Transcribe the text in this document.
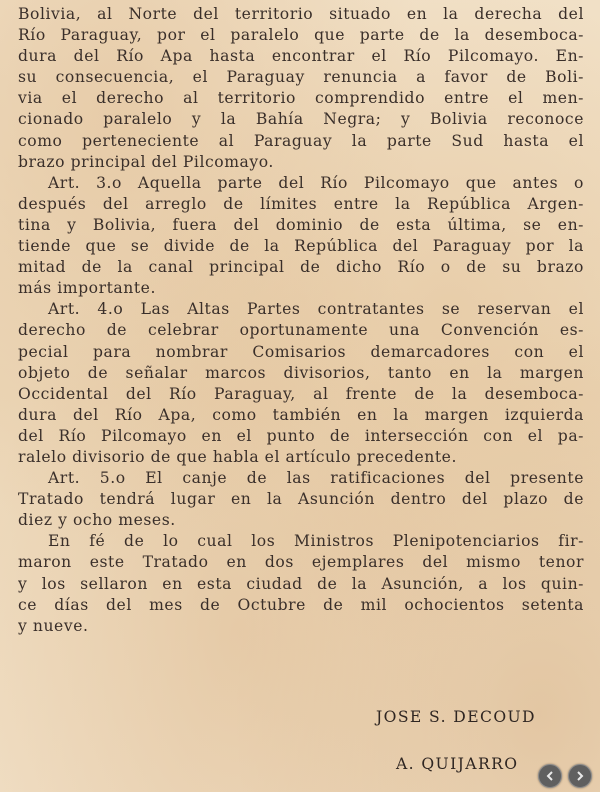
Bolivia, al Norte del territorio situado en la derecha del
Río Paraguay, por el paralelo que parte de la desemboca-
dura del Río Apa hasta encontrar el Río Pilcomayo. En-
su consecuencia, el Paraguay renuncia a favor de Boli-
via el derecho al territorio comprendido entre el men-
cionado paralelo y la Bahía Negra; y Bolivia reconoce
como perteneciente al Paraguay la parte Sud hasta el
brazo principal del Pilcomayo.
Art. 3.o Aquella parte del Río Pilcomayo que antes o
después del arreglo de límites entre la República Argen-
tina y Bolivia, fuera del dominio de esta última, se en-
tiende que se divide de la República del Paraguay por la
mitad de la canal principal de dicho Río o de su brazo
más importante.
Art. 4.o Las Altas Partes contratantes se reservan el
derecho de celebrar oportunamente una Convención es-
pecial para nombrar Comisarios demarcadores con el
objeto de señalar marcos divisorios, tanto en la margen
Occidental del Río Paraguay, al frente de la desemboca-
dura del Río Apa, como también en la margen izquierda
del Río Pilcomayo en el punto de intersección con el pa-
ralelo divisorio de que habla el artículo precedente.
Art. 5.o El canje de las ratificaciones del presente
Tratado tendrá lugar en la Asunción dentro del plazo de
diez y ocho meses.
En fé de lo cual los Ministros Plenipotenciarios fir-
maron este Tratado en dos ejemplares del mismo tenor
y los sellaron en esta ciudad de la Asunción, a los quin-
ce días del mes de Octubre de mil ochocientos setenta
y nueve.
JOSE S. DECOUD
A. QUIJARRO
